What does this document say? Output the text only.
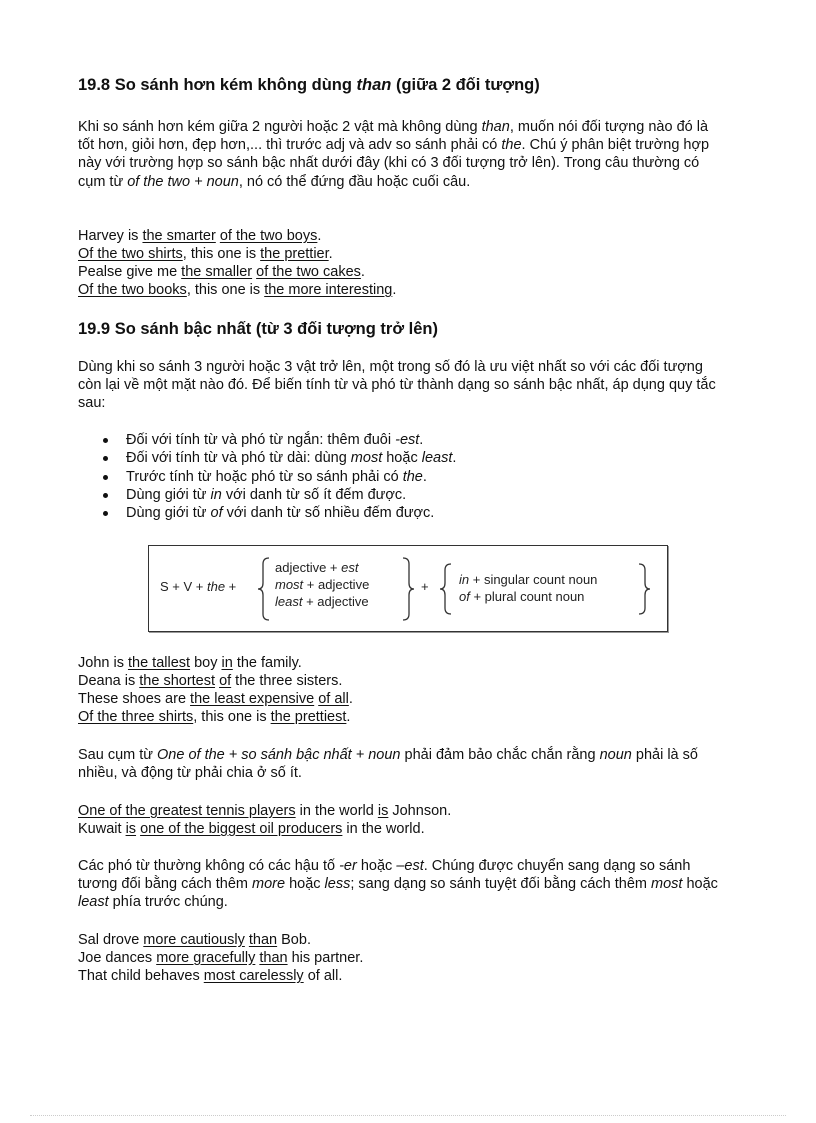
19.8 So sánh hơn kém không dùng than (giữa 2 đối tượng)

Khi so sánh hơn kém giữa 2 người hoặc 2 vật mà không dùng than, muốn nói đối tượng nào đó là tốt hơn, giỏi hơn, đẹp hơn,... thì trước adj và adv so sánh phải có the. Chú ý phân biệt trường hợp này với trường hợp so sánh bậc nhất dưới đây (khi có 3 đối tượng trở lên). Trong câu thường có cụm từ of the two + noun, nó có thể đứng đầu hoặc cuối câu.

Harvey is the smarter of the two boys.
Of the two shirts, this one is the prettier.
Pealse give me the smaller of the two cakes.
Of the two books, this one is the more interesting.
19.9 So sánh bậc nhất (từ 3 đối tượng trở lên)

Dùng khi so sánh 3 người hoặc 3 vật trở lên, một trong số đó là ưu việt nhất so với các đối tượng còn lại về một mặt nào đó. Để biến tính từ và phó từ thành dạng so sánh bậc nhất, áp dụng quy tắc sau:

Đối với tính từ và phó từ ngắn: thêm đuôi -est.
Đối với tính từ và phó từ dài: dùng most hoặc least.
Trước tính từ hoặc phó từ so sánh phải có the.
Dùng giới từ in với danh từ số ít đếm được.
Dùng giới từ of với danh từ số nhiều đếm được.
S + V + the +
adjective + est
most + adjective
least + adjective
+ in + singular count noun
of + plural count noun
John is the tallest boy in the family.
Deana is the shortest of the three sisters.
These shoes are the least expensive of all.
Of the three shirts, this one is the prettiest.

Sau cụm từ One of the + so sánh bậc nhất + noun phải đảm bảo chắc chắn rằng noun phải là số nhiều, và động từ phải chia ở số ít.

One of the greatest tennis players in the world is Johnson.
Kuwait is one of the biggest oil producers in the world.

Các phó từ thường không có các hậu tố -er hoặc –est. Chúng được chuyển sang dạng so sánh tương đối bằng cách thêm more hoặc less; sang dạng so sánh tuyệt đối bằng cách thêm most hoặc least phía trước chúng.

Sal drove more cautiously than Bob.
Joe dances more gracefully than his partner.
That child behaves most carelessly of all.
